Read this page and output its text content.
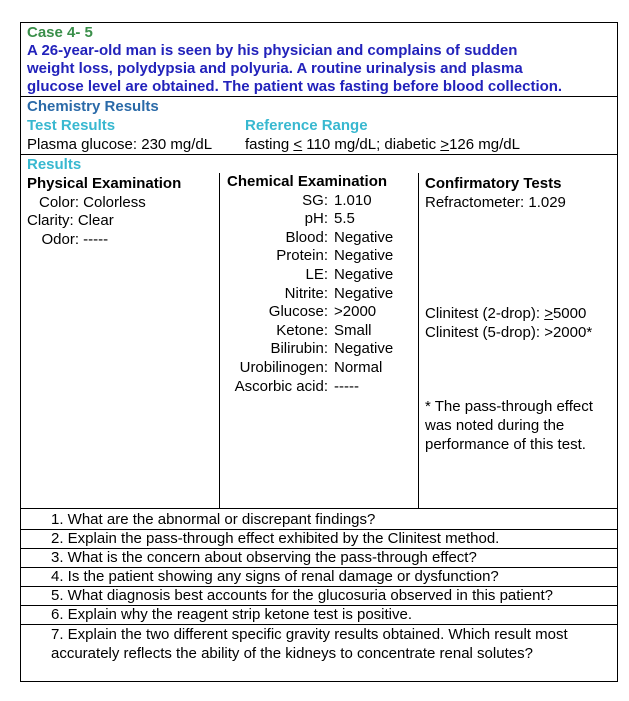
Case 4- 5
A 26-year-old man is seen by his physician and complains of sudden
weight loss, polydypsia and polyuria. A routine urinalysis and plasma
glucose level are obtained. The patient was fasting before blood collection.
Chemistry Results
Test Results	Reference Range
Plasma glucose: 230 mg/dL fasting < 110 mg/dL; diabetic >126 mg/dL
Results
Physical Examination
Color: Colorless
Clarity: Clear
Odor: -----
Chemical Examination
SG: 1.010
pH: 5.5
Blood: Negative
Protein: Negative
LE: Negative
Nitrite: Negative
Glucose: >2000
Ketone: Small
Bilirubin: Negative
Urobilinogen: Normal
Ascorbic acid: -----
Confirmatory Tests
Refractometer: 1.029
Clinitest (2-drop): >5000
Clinitest (5-drop): >2000*
* The pass-through effect
was noted during the
performance of this test.
1. What are the abnormal or discrepant findings?
2. Explain the pass-through effect exhibited by the Clinitest method.
3. What is the concern about observing the pass-through effect?
4. Is the patient showing any signs of renal damage or dysfunction?
5. What diagnosis best accounts for the glucosuria observed in this patient?
6. Explain why the reagent strip ketone test is positive.
7. Explain the two different specific gravity results obtained. Which result most accurately reflects the ability of the kidneys to concentrate renal solutes?
